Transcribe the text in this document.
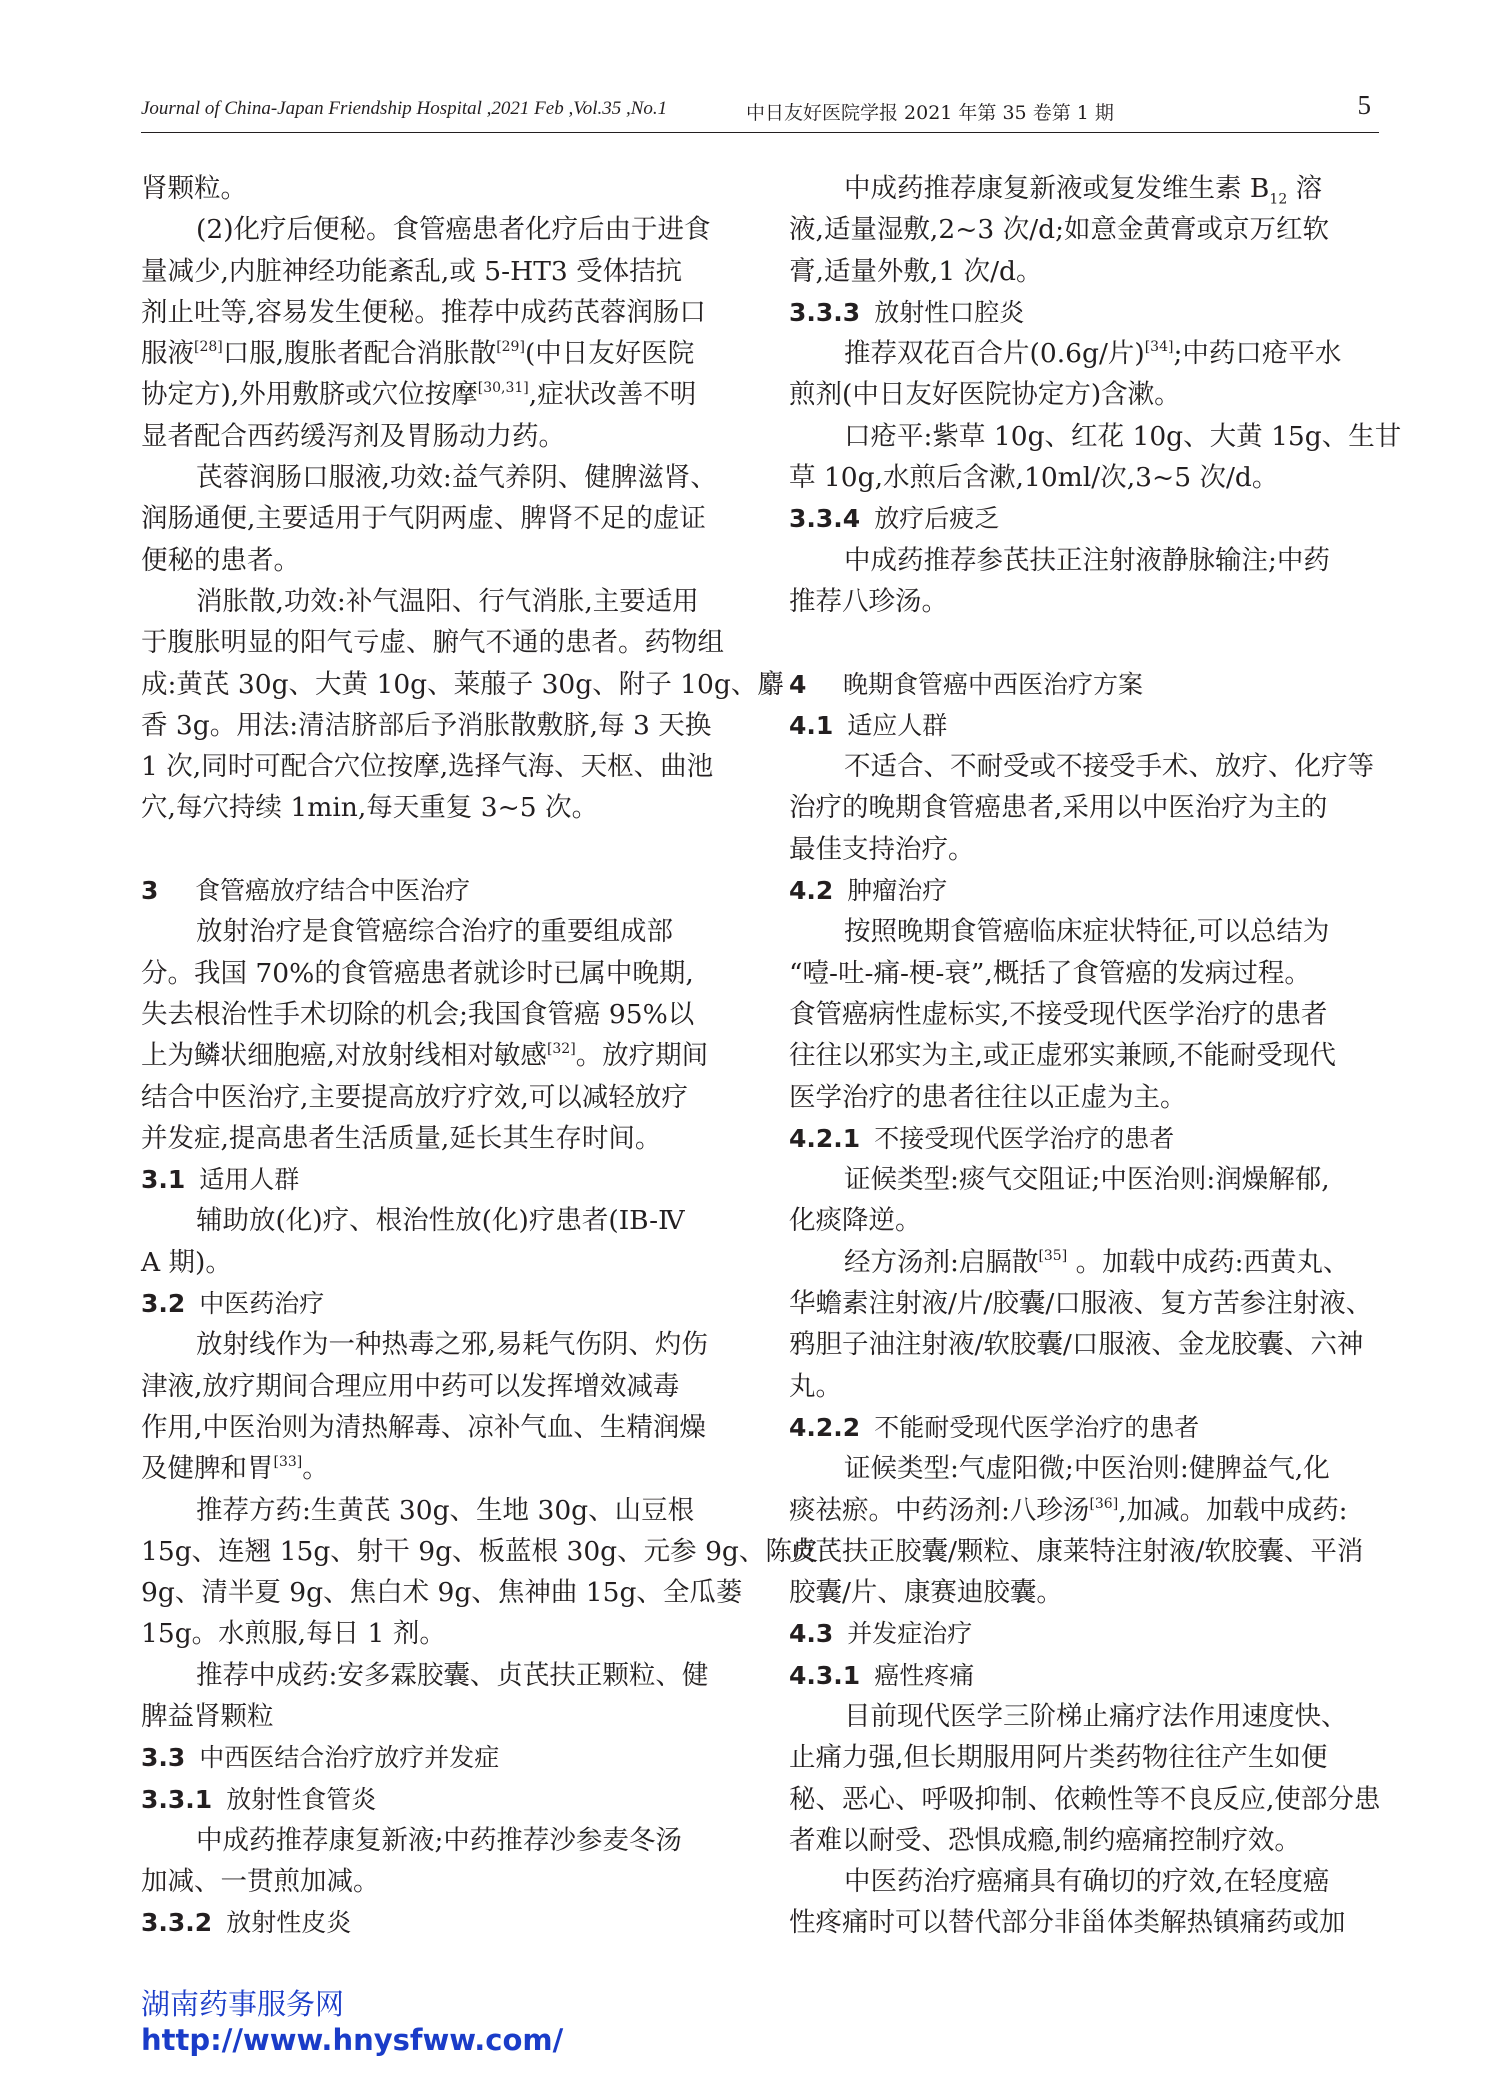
Journal of China-Japan Friendship Hospital ,2021 Feb ,Vol.35 ,No.1	中日友好医院学报 2021 年第 35 卷第 1 期	5
肾颗粒。
(2)化疗后便秘。食管癌患者化疗后由于进食
量减少,内脏神经功能紊乱,或 5-HT3 受体拮抗
剂止吐等,容易发生便秘。推荐中成药芪蓉润肠口
服液[28]口服,腹胀者配合消胀散[29](中日友好医院
协定方),外用敷脐或穴位按摩[30,31],症状改善不明
显者配合西药缓泻剂及胃肠动力药。
芪蓉润肠口服液,功效:益气养阴、健脾滋肾、
润肠通便,主要适用于气阴两虚、脾肾不足的虚证
便秘的患者。
消胀散,功效:补气温阳、行气消胀,主要适用
于腹胀明显的阳气亏虚、腑气不通的患者。药物组
成:黄芪 30g、大黄 10g、莱菔子 30g、附子 10g、麝
香 3g。用法:清洁脐部后予消胀散敷脐,每 3 天换
1 次,同时可配合穴位按摩,选择气海、天枢、曲池
穴,每穴持续 1min,每天重复 3~5 次。
3 食管癌放疗结合中医治疗
放射治疗是食管癌综合治疗的重要组成部
分。我国 70%的食管癌患者就诊时已属中晚期,
失去根治性手术切除的机会;我国食管癌 95%以
上为鳞状细胞癌,对放射线相对敏感[32]。放疗期间
结合中医治疗,主要提高放疗疗效,可以减轻放疗
并发症,提高患者生活质量,延长其生存时间。
3.1 适用人群
辅助放(化)疗、根治性放(化)疗患者(IB-Ⅳ
A 期)。
3.2 中医药治疗
放射线作为一种热毒之邪,易耗气伤阴、灼伤
津液,放疗期间合理应用中药可以发挥增效减毒
作用,中医治则为清热解毒、凉补气血、生精润燥
及健脾和胃[33]。
推荐方药:生黄芪 30g、生地 30g、山豆根
15g、连翘 15g、射干 9g、板蓝根 30g、元参 9g、陈皮
9g、清半夏 9g、焦白术 9g、焦神曲 15g、全瓜蒌
15g。水煎服,每日 1 剂。
推荐中成药:安多霖胶囊、贞芪扶正颗粒、健
脾益肾颗粒
3.3 中西医结合治疗放疗并发症
3.3.1 放射性食管炎
中成药推荐康复新液;中药推荐沙参麦冬汤
加减、一贯煎加减。
3.3.2 放射性皮炎
中成药推荐康复新液或复发维生素 $B_{12}$ 溶
液,适量湿敷,2~3 次/d;如意金黄膏或京万红软
膏,适量外敷,1 次/d。
3.3.3 放射性口腔炎
推荐双花百合片(0.6g/片)[34];中药口疮平水
煎剂(中日友好医院协定方)含漱。
口疮平:紫草 10g、红花 10g、大黄 15g、生甘
草 10g,水煎后含漱,10ml/次,3~5 次/d。
3.3.4 放疗后疲乏
中成药推荐参芪扶正注射液静脉输注;中药
推荐八珍汤。
4 晚期食管癌中西医治疗方案
4.1 适应人群
不适合、不耐受或不接受手术、放疗、化疗等
治疗的晚期食管癌患者,采用以中医治疗为主的
最佳支持治疗。
4.2 肿瘤治疗
按照晚期食管癌临床症状特征,可以总结为
“噎-吐-痛-梗-衰”,概括了食管癌的发病过程。
食管癌病性虚标实,不接受现代医学治疗的患者
往往以邪实为主,或正虚邪实兼顾,不能耐受现代
医学治疗的患者往往以正虚为主。
4.2.1 不接受现代医学治疗的患者
证候类型:痰气交阻证;中医治则:润燥解郁,
化痰降逆。
经方汤剂:启膈散[35] 。加载中成药:西黄丸、
华蟾素注射液/片/胶囊/口服液、复方苦参注射液、
鸦胆子油注射液/软胶囊/口服液、金龙胶囊、六神
丸。
4.2.2 不能耐受现代医学治疗的患者
证候类型:气虚阳微;中医治则:健脾益气,化
痰祛瘀。中药汤剂:八珍汤[36],加减。加载中成药:
贞芪扶正胶囊/颗粒、康莱特注射液/软胶囊、平消
胶囊/片、康赛迪胶囊。
4.3 并发症治疗
4.3.1 癌性疼痛
目前现代医学三阶梯止痛疗法作用速度快、
止痛力强,但长期服用阿片类药物往往产生如便
秘、恶心、呼吸抑制、依赖性等不良反应,使部分患
者难以耐受、恐惧成瘾,制约癌痛控制疗效。
中医药治疗癌痛具有确切的疗效,在轻度癌
性疼痛时可以替代部分非甾体类解热镇痛药或加
湖南药事服务网
http://www.hnysfww.com/
